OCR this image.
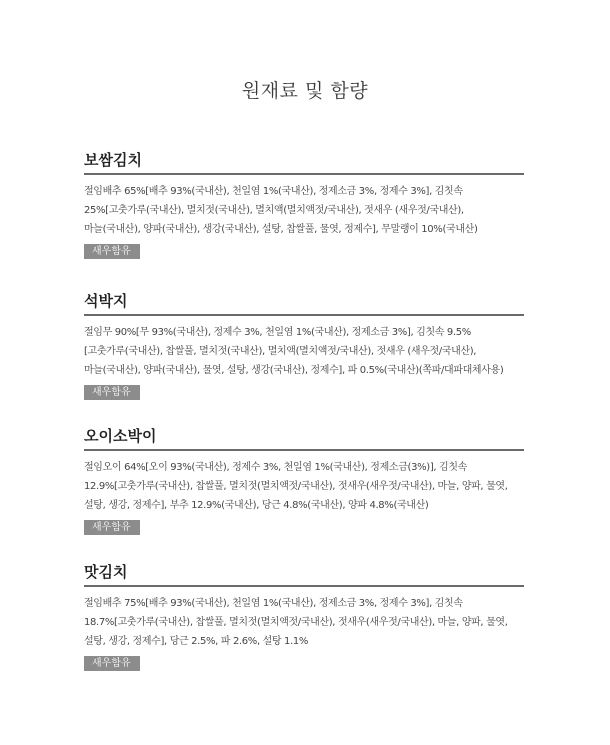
원재료 및 함량
보쌈김치

절임배추 65%[배추 93%(국내산), 천일염 1%(국내산), 정제소금 3%, 정제수 3%], 김칫속
25%[고춧가루(국내산), 멸치젓(국내산), 멸치액(멸치액젓/국내산), 젓새우 (새우젓/국내산),
마늘(국내산), 양파(국내산), 생강(국내산), 설탕, 찹쌀풀, 물엿, 정제수], 무말랭이 10%(국내산)

새우함유
석박지

절임무 90%[무 93%(국내산), 정제수 3%, 천일염 1%(국내산), 정제소금 3%], 김칫속 9.5%
[고춧가루(국내산), 찹쌀풀, 멸치젓(국내산), 멸치액(멸치액젓/국내산), 젓새우 (새우젓/국내산),
마늘(국내산), 양파(국내산), 물엿, 설탕, 생강(국내산), 정제수], 파 0.5%(국내산)(쪽파/대파대체사용)

새우함유
오이소박이

절임오이 64%[오이 93%(국내산), 정제수 3%, 천일염 1%(국내산), 정제소금(3%)], 김칫속
12.9%[고춧가루(국내산), 찹쌀풀, 멸치젓(멸치액젓/국내산), 젓새우(새우젓/국내산), 마늘, 양파, 물엿,
설탕, 생강, 정제수], 부추 12.9%(국내산), 당근 4.8%(국내산), 양파 4.8%(국내산)

새우함유
맛김치

절임배추 75%[배추 93%(국내산), 천일염 1%(국내산), 정제소금 3%, 정제수 3%], 김칫속
18.7%[고춧가루(국내산), 찹쌀풀, 멸치젓(멸치액젓/국내산), 젓새우(새우젓/국내산), 마늘, 양파, 물엿,
설탕, 생강, 정제수], 당근 2.5%, 파 2.6%, 설탕 1.1%

새우함유
